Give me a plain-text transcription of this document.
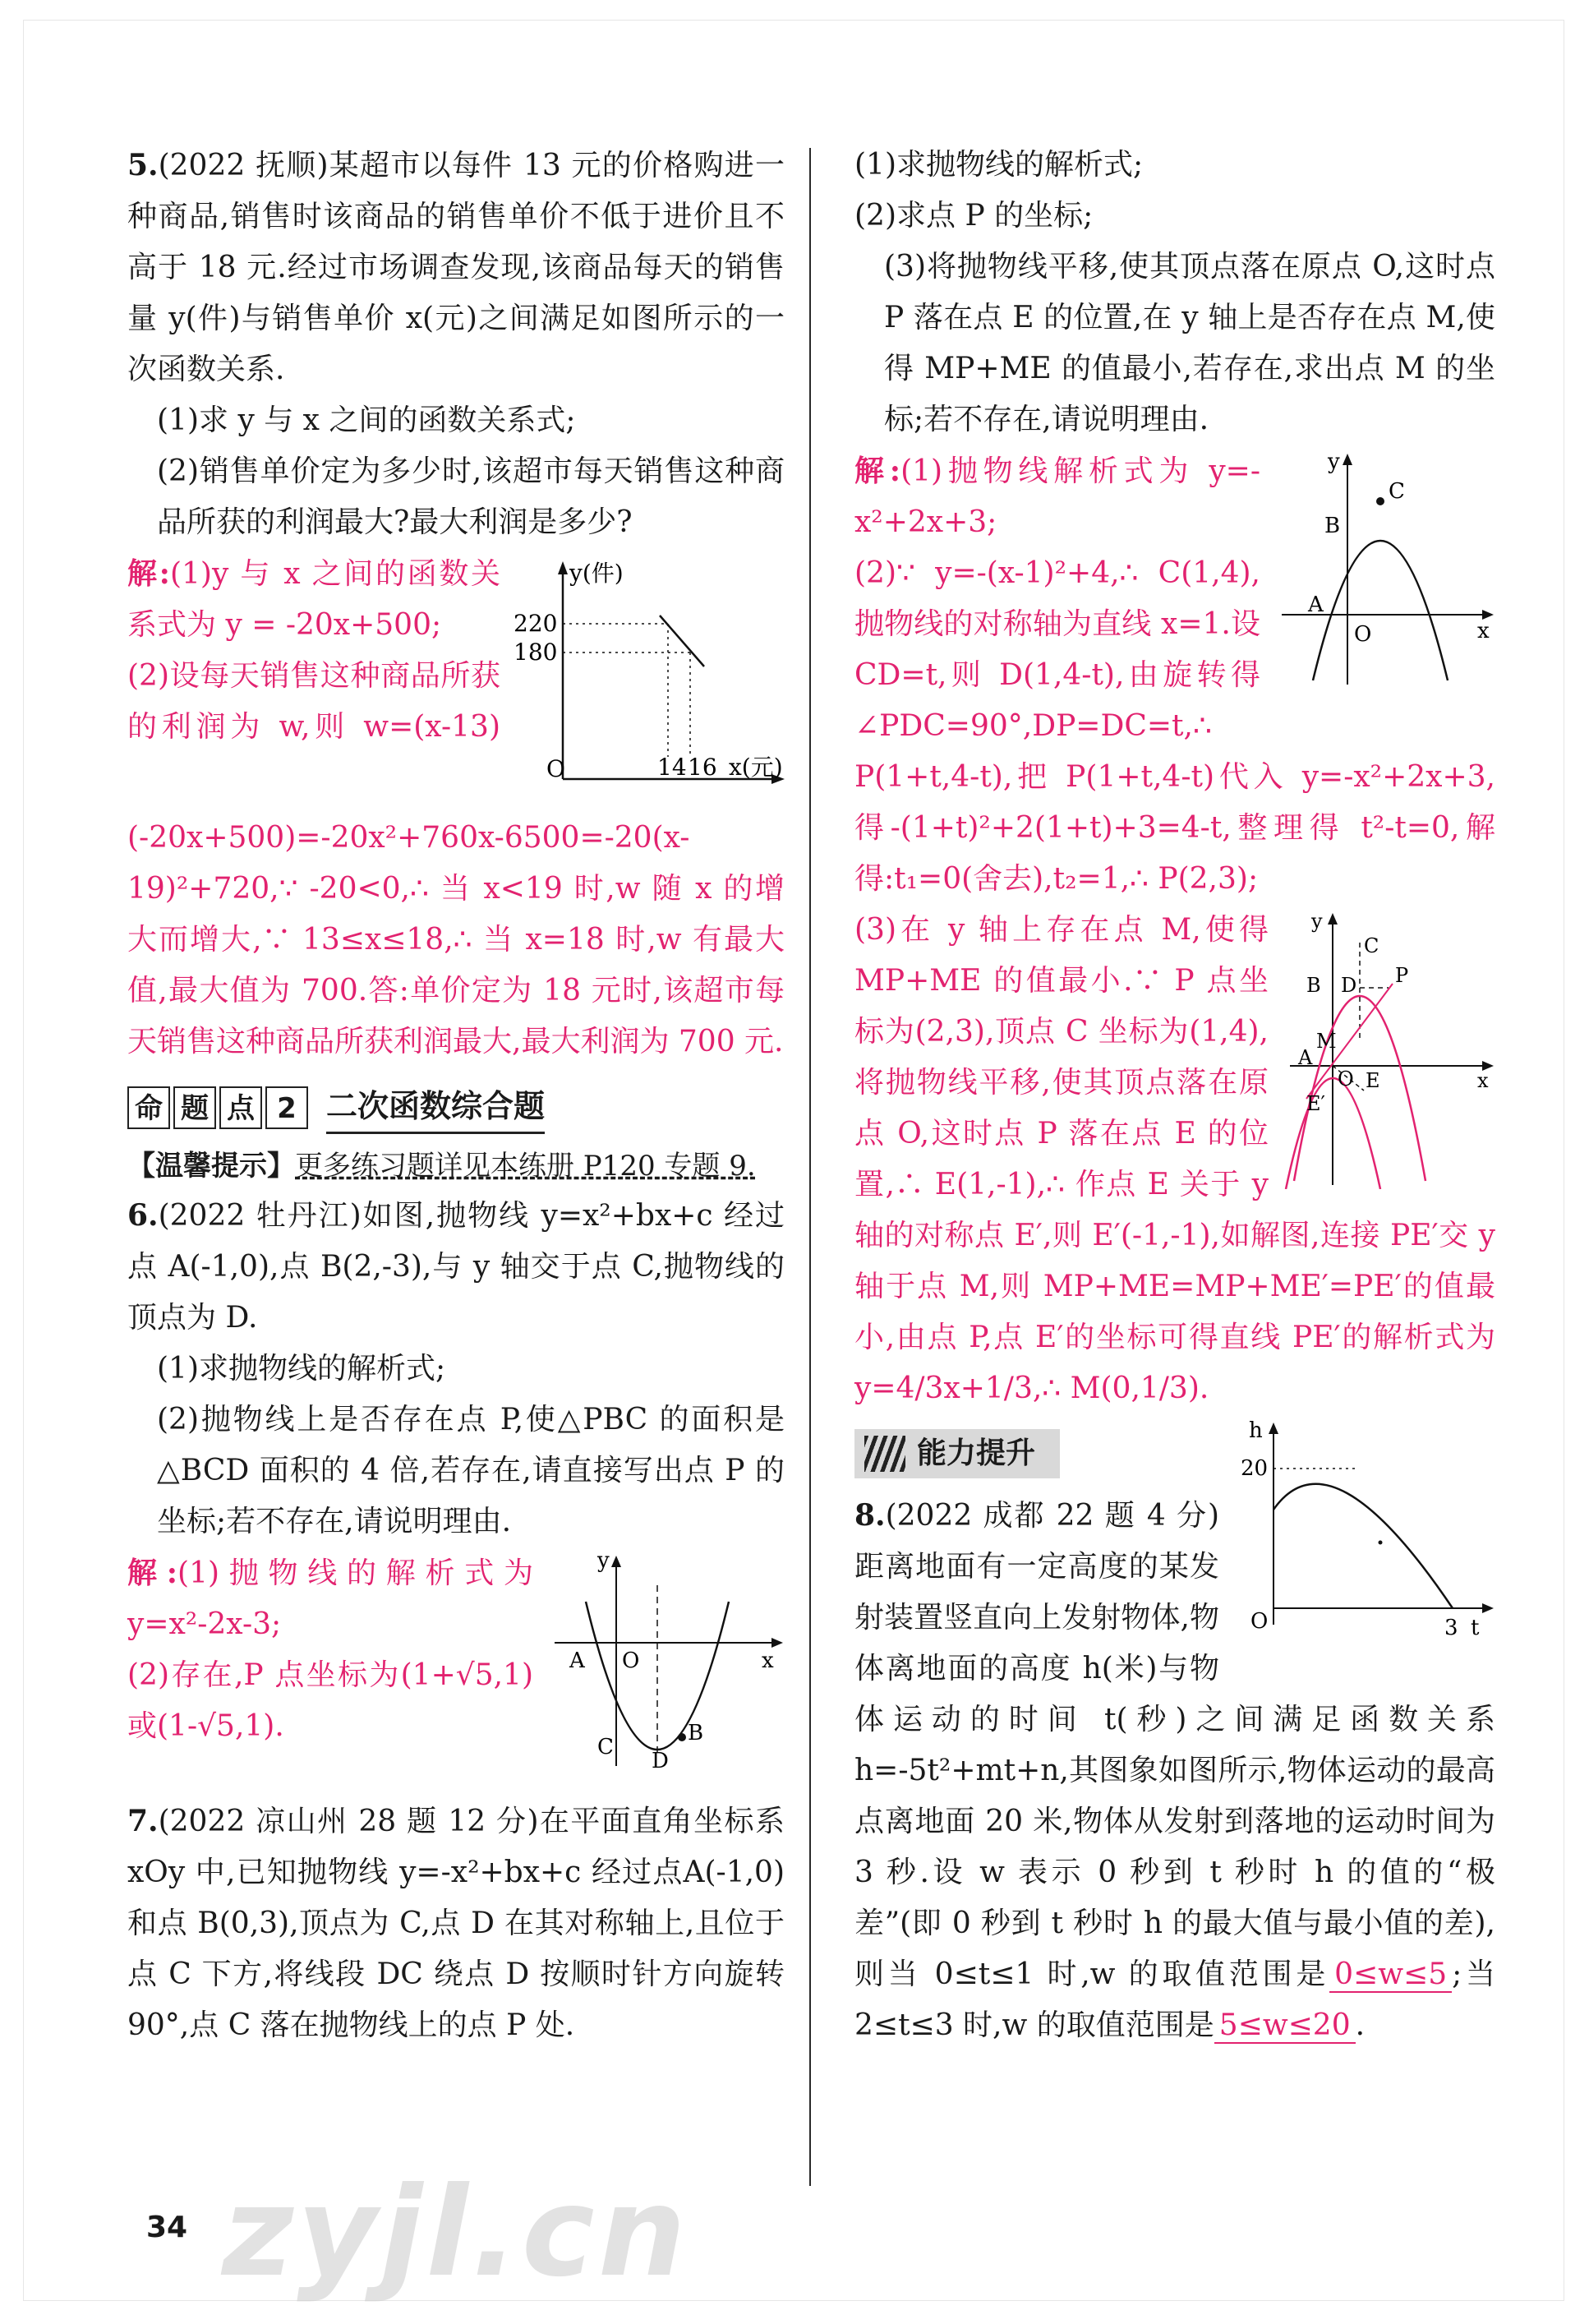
5.(2022 抚顺)某超市以每件 13 元的价格购进一种商品,销售时该商品的销售单价不低于进价且不高于 18 元.经过市场调查发现,该商品每天的销售量 y(件)与销售单价 x(元)之间满足如图所示的一次函数关系.

(1)求 y 与 x 之间的函数关系式;

(2)销售单价定为多少时,该超市每天销售这种商品所获的利润最大?最大利润是多少?

y(件)
x(元)
O
220
180
14 16

解:(1)y 与 x 之间的函数关系式为 y = -20x+500;

(2)设每天销售这种商品所获的利润为 w,则 w=(x-13)(-20x+500)=-20x²+760x-6500=-20(x-19)²+720,∵ -20<0,∴ 当 x<19 时,w 随 x 的增大而增大,∵ 13≤x≤18,∴ 当 x=18 时,w 有最大值,最大值为 700.答:单价定为 18 元时,该超市每天销售这种商品所获利润最大,最大利润为 700 元.

命 题 点 2 二次函数综合题

【温馨提示】更多练习题详见本练册 P120 专题 9.

6.(2022 牡丹江)如图,抛物线 y=x²+bx+c 经过点 A(-1,0),点 B(2,-3),与 y 轴交于点 C,抛物线的顶点为 D.

(1)求抛物线的解析式;

(2)抛物线上是否存在点 P,使△PBC 的面积是△BCD 面积的 4 倍,若存在,请直接写出点 P 的坐标;若不存在,请说明理由.

y
x
A O
C
D
B

解:(1)抛物线的解析式为 y=x²-2x-3;

(2)存在,P 点坐标为(1+√5,1)或(1-√5,1).

7.(2022 凉山州 28 题 12 分)在平面直角坐标系 xOy 中,已知抛物线 y=-x²+bx+c 经过点A(-1,0)和点 B(0,3),顶点为 C,点 D 在其对称轴上,且位于点 C 下方,将线段 DC 绕点 D 按顺时针方向旋转 90°,点 C 落在抛物线上的点 P 处.

(1)求抛物线的解析式;

(2)求点 P 的坐标;

(3)将抛物线平移,使其顶点落在原点 O,这时点 P 落在点 E 的位置,在 y 轴上是否存在点 M,使得 MP+ME 的值最小,若存在,求出点 M 的坐标;若不存在,请说明理由.

y
x
O
A
B
C

解:(1)抛物线解析式为 y=-x²+2x+3;

(2)∵ y=-(x-1)²+4,∴ C(1,4),抛物线的对称轴为直线 x=1.设 CD=t,则 D(1,4-t),由旋转得∠PDC=90°,DP=DC=t,∴ P(1+t,4-t),把 P(1+t,4-t)代入 y=-x²+2x+3,得-(1+t)²+2(1+t)+3=4-t,整理得 t²-t=0,解得:t₁=0(舍去),t₂=1,∴ P(2,3);

y
x
O
A
B
C
D P
M
E
E′

(3)在 y 轴上存在点 M,使得 MP+ME 的值最小.∵ P 点坐标为(2,3),顶点 C 坐标为(1,4),将抛物线平移,使其顶点落在原点 O,这时点 P 落在点 E 的位置,∴ E(1,-1),∴ 作点 E 关于 y 轴的对称点 E′,则 E′(-1,-1),如解图,连接 PE′交 y 轴于点 M,则 MP+ME=MP+ME′=PE′的值最小,由点 P,点 E′的坐标可得直线 PE′的解析式为 y=4/3x+1/3,∴ M(0,1/3).

能力提升
h
t
O
20
3

8.(2022 成都 22 题 4 分)距离地面有一定高度的某发射装置竖直向上发射物体,物体离地面的高度 h(米)与物体运动的时间 t(秒)之间满足函数关系 h=-5t²+mt+n,其图象如图所示,物体运动的最高点离地面 20 米,物体从发射到落地的运动时间为 3 秒.设 w 表示 0 秒到 t 秒时 h 的值的“极差”(即 0 秒到 t 秒时 h 的最大值与最小值的差),则当 0≤t≤1 时,w 的取值范围是 0≤w≤5 ;当 2≤t≤3 时,w 的取值范围是 5≤w≤20 .

34 zyjl.cn
